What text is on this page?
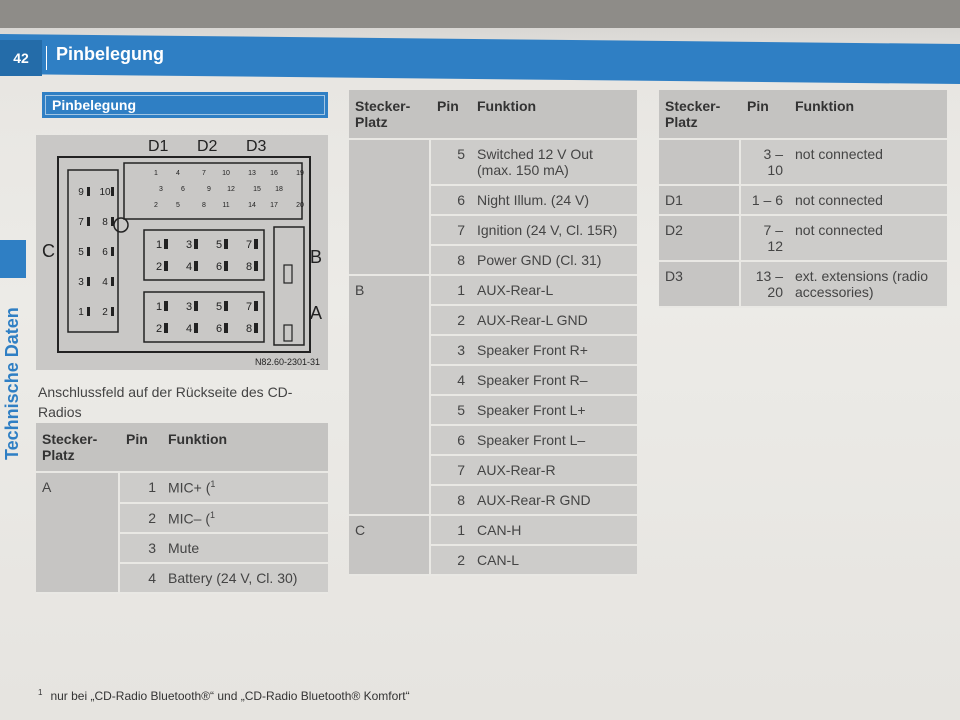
42	Pinbelegung
Technische Daten
Pinbelegung
D1 D2 D3
1	4	7 10	13 16	19
3	6	9 12	15 18
2	5	8 11	14 17	20
9 10
7 8
5 6
3 4
1 2
1 3 5 7
2 4 6 8
1 3 5 7
2 4 6 8
C	B
A
N82.60-2301-31
Anschlussfeld auf der Rückseite des CD-Radios
Stecker-Platz	Pin	Funktion
A	1	MIC+ ($^1$
	2	MIC– ($^1$
	3	Mute
	4	Battery (24 V, Cl. 30)
Stecker-Platz	Pin	Funktion
	5	Switched 12 V Out (max. 150 mA)
	6	Night Illum. (24 V)
	7	Ignition (24 V, Cl. 15R)
	8	Power GND (Cl. 31)
B	1	AUX-Rear-L
	2	AUX-Rear-L GND
	3	Speaker Front R+
	4	Speaker Front R–
	5	Speaker Front L+
	6	Speaker Front L–
	7	AUX-Rear-R
	8	AUX-Rear-R GND
C	1	CAN-H
	2	CAN-L
Stecker-Platz	Pin	Funktion
	3 – 10	not connected
D1	1 – 6	not connected
D2	7 – 12	not connected
D3	13 – 20	ext. extensions (radio accessories)
$^1$ nur bei „CD-Radio Bluetooth®“ und „CD-Radio Bluetooth® Komfort“
